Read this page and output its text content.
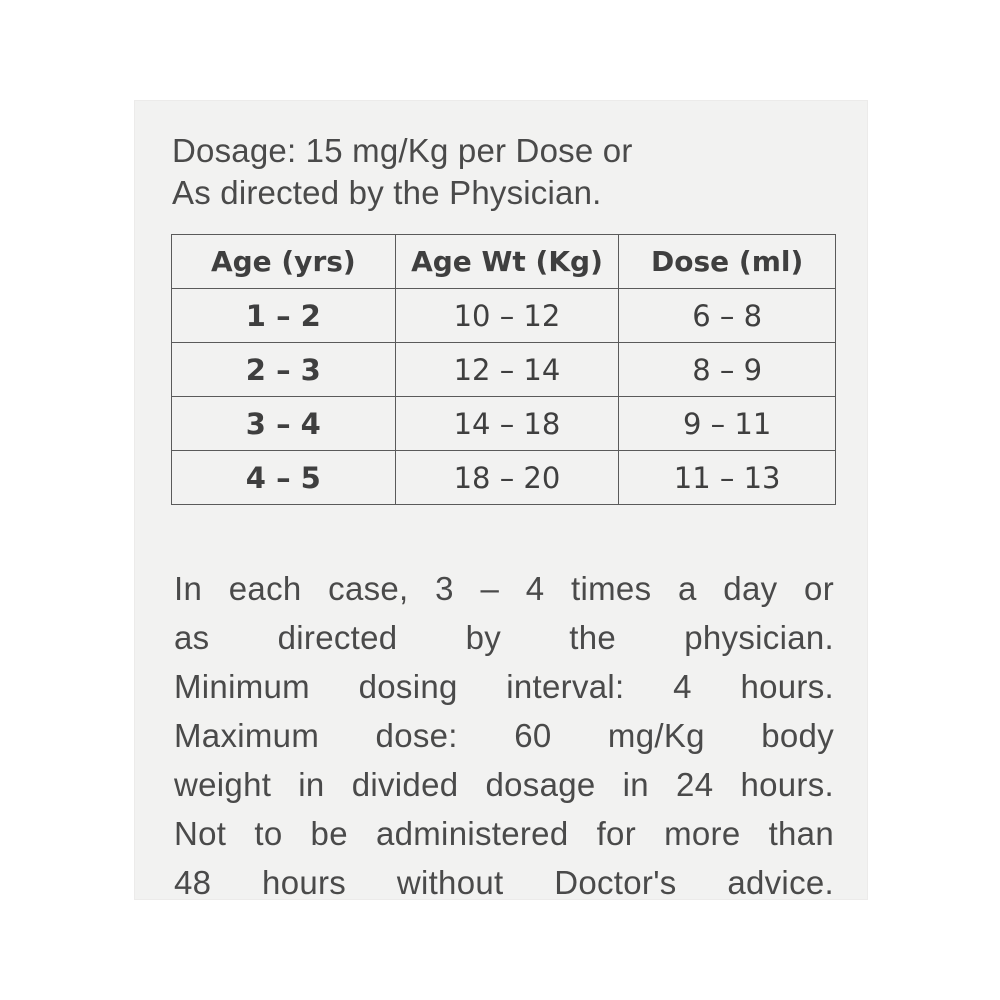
Dosage: 15 mg/Kg per Dose or
As directed by the Physician.
Age (yrs)	Age Wt (Kg)	Dose (ml)
1 – 2	10 – 12	6 – 8
2 – 3	12 – 14	8 – 9
3 – 4	14 – 18	9 – 11
4 – 5	18 – 20	11 – 13
In each case, 3 – 4 times a day or
as directed by the physician.
Minimum dosing interval: 4 hours.
Maximum dose: 60 mg/Kg body
weight in divided dosage in 24 hours.
Not to be administered for more than
48 hours without Doctor's advice.
